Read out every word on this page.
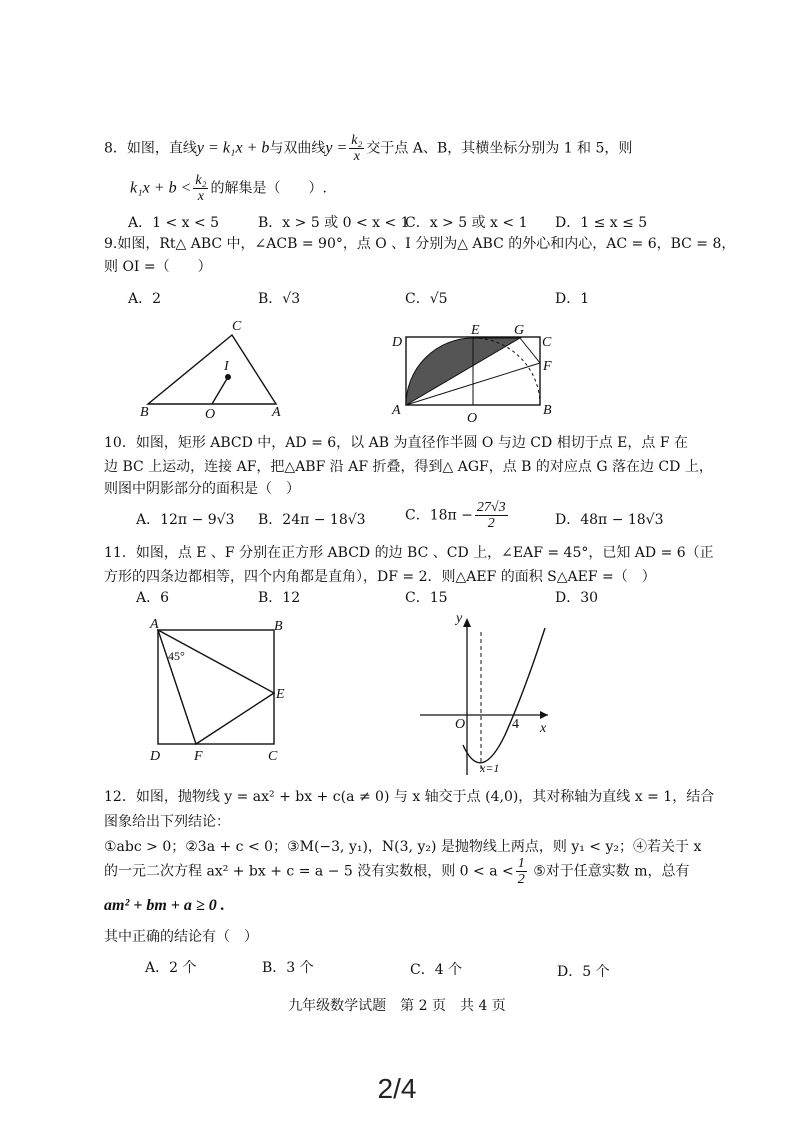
8．如图，直线y = k₁x + b与双曲线$y = \frac{\text{k₂}}{x}$ 交于点 A、B，其横坐标分别为 1 和 5，则
$k_1x + b < \frac{\text{k₂}}{x}$ 的解集是（　　）.
A．1 < x < 5	B．x > 5 或 0 < x < 1
C．x > 5 或 x < 1 D．1 ≤ x ≤ 5
9.如图，Rt△ ABC 中，∠ACB = 90°，点 O 、I 分别为△ ABC 的外心和内心，AC = 6，BC = 8，
则 OI =（　　）
A．2	B．√3	C．√5	D．1
C
B	O	A
I
D
E G
C
F
A	B
O
10．如图，矩形 ABCD 中，AD = 6，以 AB 为直径作半圆 O 与边 CD 相切于点 E，点 F 在
边 BC 上运动，连接 AF，把△ABF 沿 AF 折叠，得到△ AGF，点 B 的对应点 G 落在边 CD 上，
则图中阴影部分的面积是（　）
A．12π − 9√3 B．24π − 18√3	C．$18\pi - \frac{27√3}{2}$	D．48π − 18√3
11．如图，点 E 、F 分别在正方形 ABCD 的边 BC 、CD 上，∠EAF = 45°，已知 AD = 6（正
方形的四条边都相等，四个内角都是直角），DF = 2．则△AEF 的面积 S△AEF =（　）
A．6	B．12	C．15	D．30
A	B
D	C
E
F
45°
y
x
O	4
x=1
12．如图，抛物线 y = ax² + bx + c(a ≠ 0) 与 x 轴交于点 (4,0)，其对称轴为直线 x = 1，结合
图象给出下列结论：
①abc > 0；②3a + c < 0；③M(−3, y₁)，N(3, y₂) 是抛物线上两点，则 y₁ < y₂；④若关于 x
的一元二次方程 ax² + bx + c = a − 5 没有实数根，则 $0 < a < \frac{1}{2}$ ⑤对于任意实数 m，总有
am² + bm + a ≥ 0 .
其中正确的结论有（　）
A．2 个	B．3 个	C．4 个	D．5 个
九年级数学试题　第 2 页　共 4 页
2/4
